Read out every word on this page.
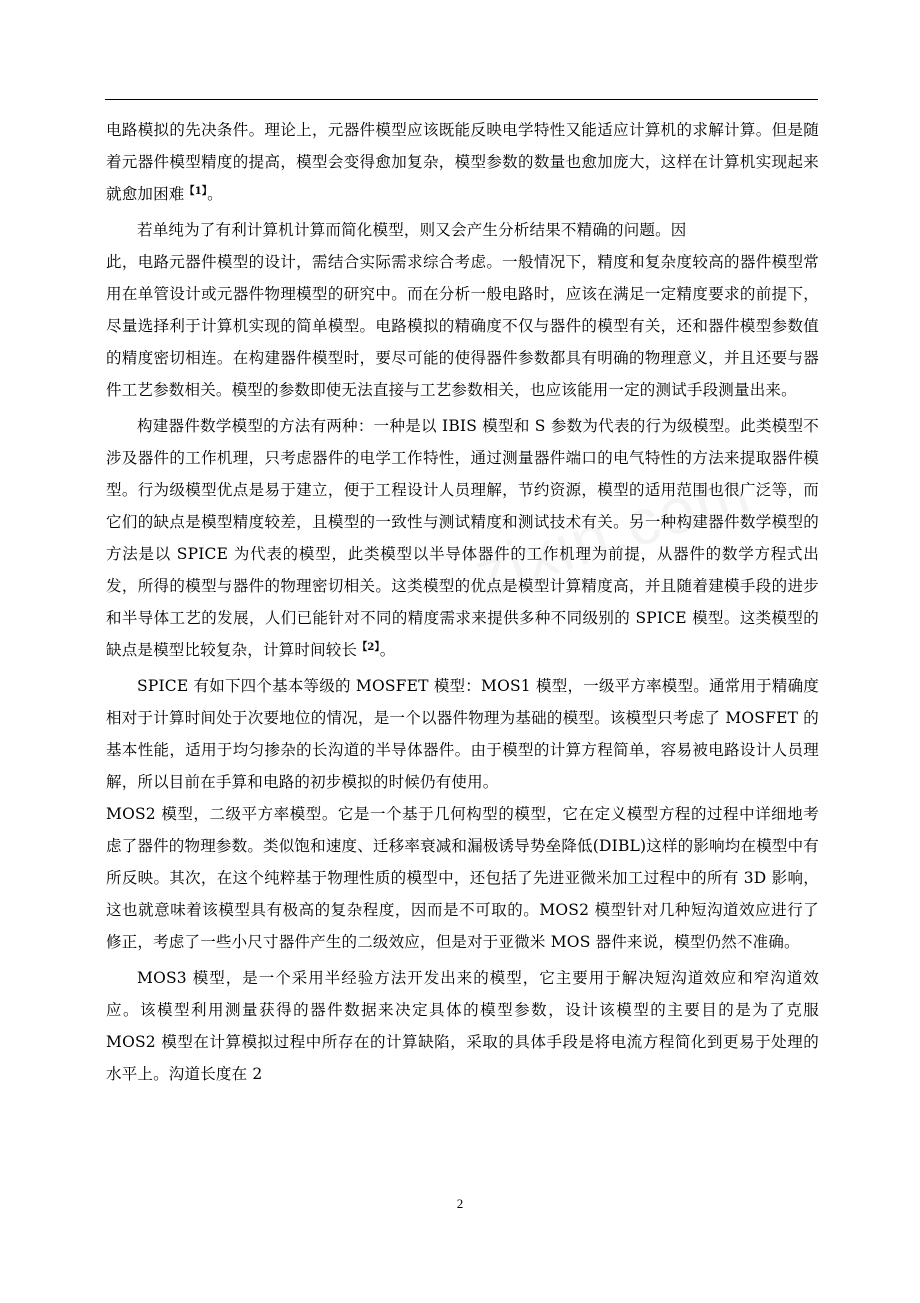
电路模拟的先决条件。理论上，元器件模型应该既能反映电学特性又能适应计算机的求解计算。但是随着元器件模型精度的提高，模型会变得愈加复杂，模型参数的数量也愈加庞大，这样在计算机实现起来就愈加困难$^{【1】}$。

若单纯为了有利计算机计算而简化模型，则又会产生分析结果不精确的问题。因

此，电路元器件模型的设计，需结合实际需求综合考虑。一般情况下，精度和复杂度较高的器件模型常用在单管设计或元器件物理模型的研究中。而在分析一般电路时，应该在满足一定精度要求的前提下，尽量选择利于计算机实现的简单模型。电路模拟的精确度不仅与器件的模型有关，还和器件模型参数值的精度密切相连。在构建器件模型时，要尽可能的使得器件参数都具有明确的物理意义，并且还要与器件工艺参数相关。模型的参数即使无法直接与工艺参数相关，也应该能用一定的测试手段测量出来。

构建器件数学模型的方法有两种：一种是以 IBIS 模型和 S 参数为代表的行为级模型。此类模型不涉及器件的工作机理，只考虑器件的电学工作特性，通过测量器件端口的电气特性的方法来提取器件模型。行为级模型优点是易于建立，便于工程设计人员理解，节约资源，模型的适用范围也很广泛等，而它们的缺点是模型精度较差，且模型的一致性与测试精度和测试技术有关。另一种构建器件数学模型的方法是以 SPICE 为代表的模型，此类模型以半导体器件的工作机理为前提，从器件的数学方程式出发，所得的模型与器件的物理密切相关。这类模型的优点是模型计算精度高，并且随着建模手段的进步和半导体工艺的发展，人们已能针对不同的精度需求来提供多种不同级别的 SPICE 模型。这类模型的缺点是模型比较复杂，计算时间较长$^{【2】}$。

SPICE 有如下四个基本等级的 MOSFET 模型：MOS1 模型，一级平方率模型。通常用于精确度相对于计算时间处于次要地位的情况，是一个以器件物理为基础的模型。该模型只考虑了 MOSFET 的基本性能，适用于均匀掺杂的长沟道的半导体器件。由于模型的计算方程简单，容易被电路设计人员理解，所以目前在手算和电路的初步模拟的时候仍有使用。

MOS2 模型，二级平方率模型。它是一个基于几何构型的模型，它在定义模型方程的过程中详细地考虑了器件的物理参数。类似饱和速度、迁移率衰减和漏极诱导势垒降低(DIBL)这样的影响均在模型中有所反映。其次，在这个纯粹基于物理性质的模型中，还包括了先进亚微米加工过程中的所有 3D 影响，这也就意味着该模型具有极高的复杂程度，因而是不可取的。MOS2 模型针对几种短沟道效应进行了修正，考虑了一些小尺寸器件产生的二级效应，但是对于亚微米 MOS 器件来说，模型仍然不准确。

MOS3 模型，是一个采用半经验方法开发出来的模型，它主要用于解决短沟道效应和窄沟道效应。该模型利用测量获得的器件数据来决定具体的模型参数，设计该模型的主要目的是为了克服 MOS2 模型在计算模拟过程中所存在的计算缺陷，采取的具体手段是将电流方程简化到更易于处理的水平上。沟道长度在 2

2
